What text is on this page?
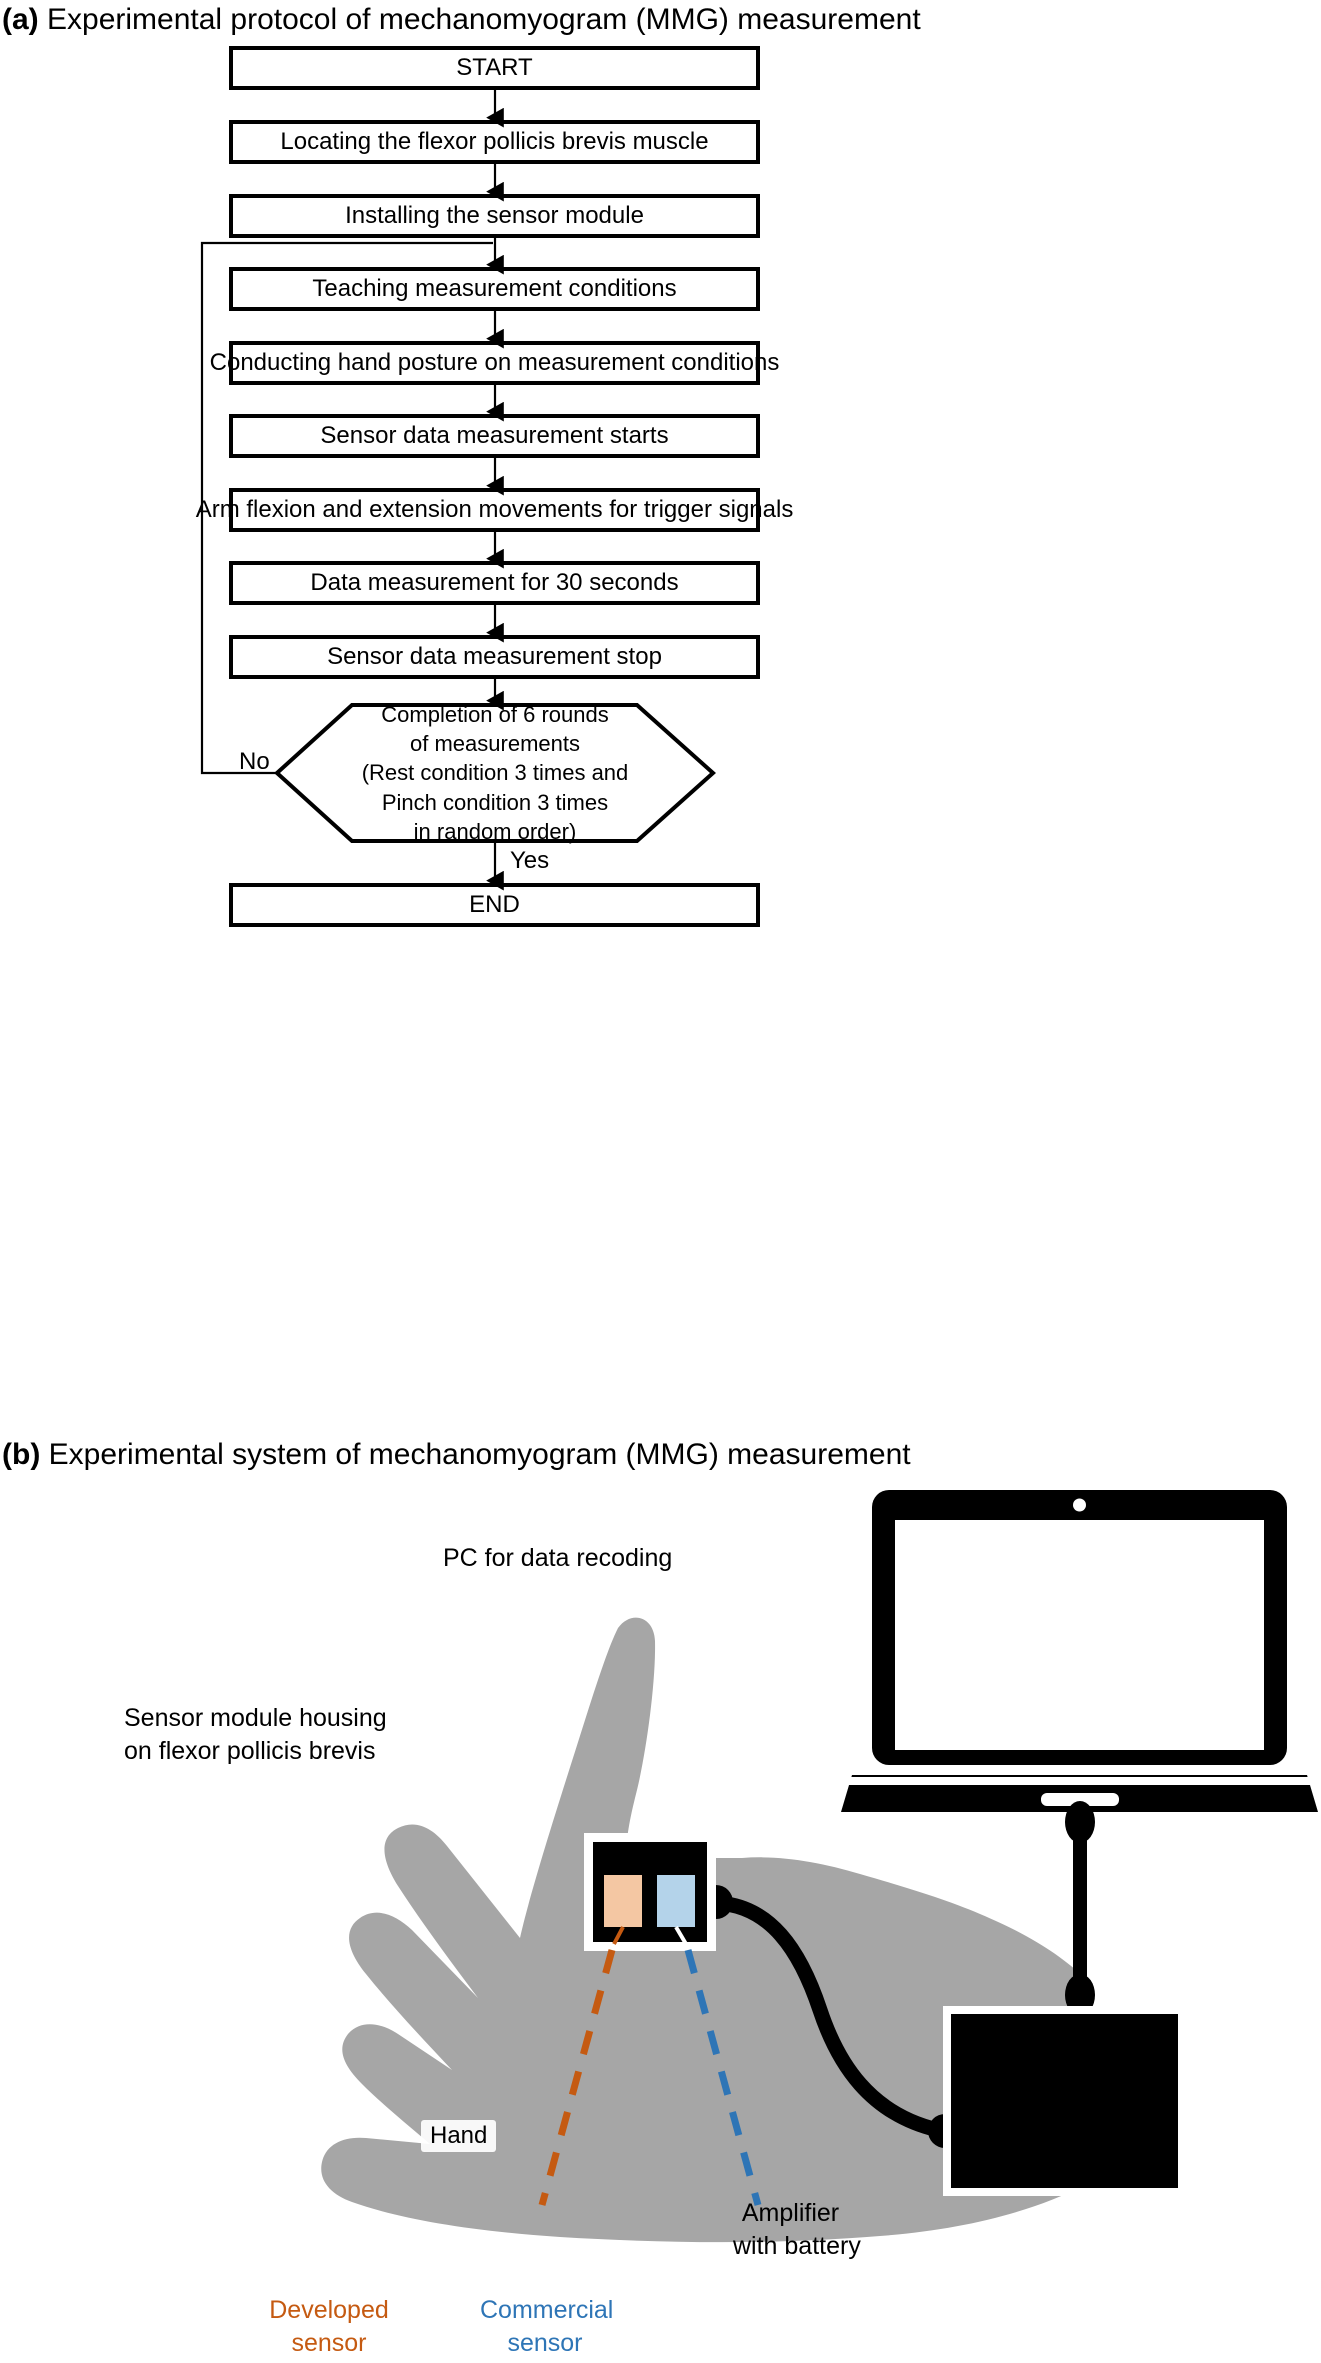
(a) Experimental protocol of mechanomyogram (MMG) measurement
START
Locating the flexor pollicis brevis muscle
Installing the sensor module
Teaching measurement conditions
Conducting hand posture on measurement conditions
Sensor data measurement starts
Arm flexion and extension movements for trigger signals
Data measurement for 30 seconds
Sensor data measurement stop
Completion of 6 rounds
of measurements
(Rest condition 3 times and
Pinch condition 3 times
in random order)
No
Yes
END
(b) Experimental system of mechanomyogram (MMG) measurement
PC for data recoding
Sensor module housing
on flexor pollicis brevis
Hand
Amplifier
with battery
Developed
sensor
Commercial
sensor
